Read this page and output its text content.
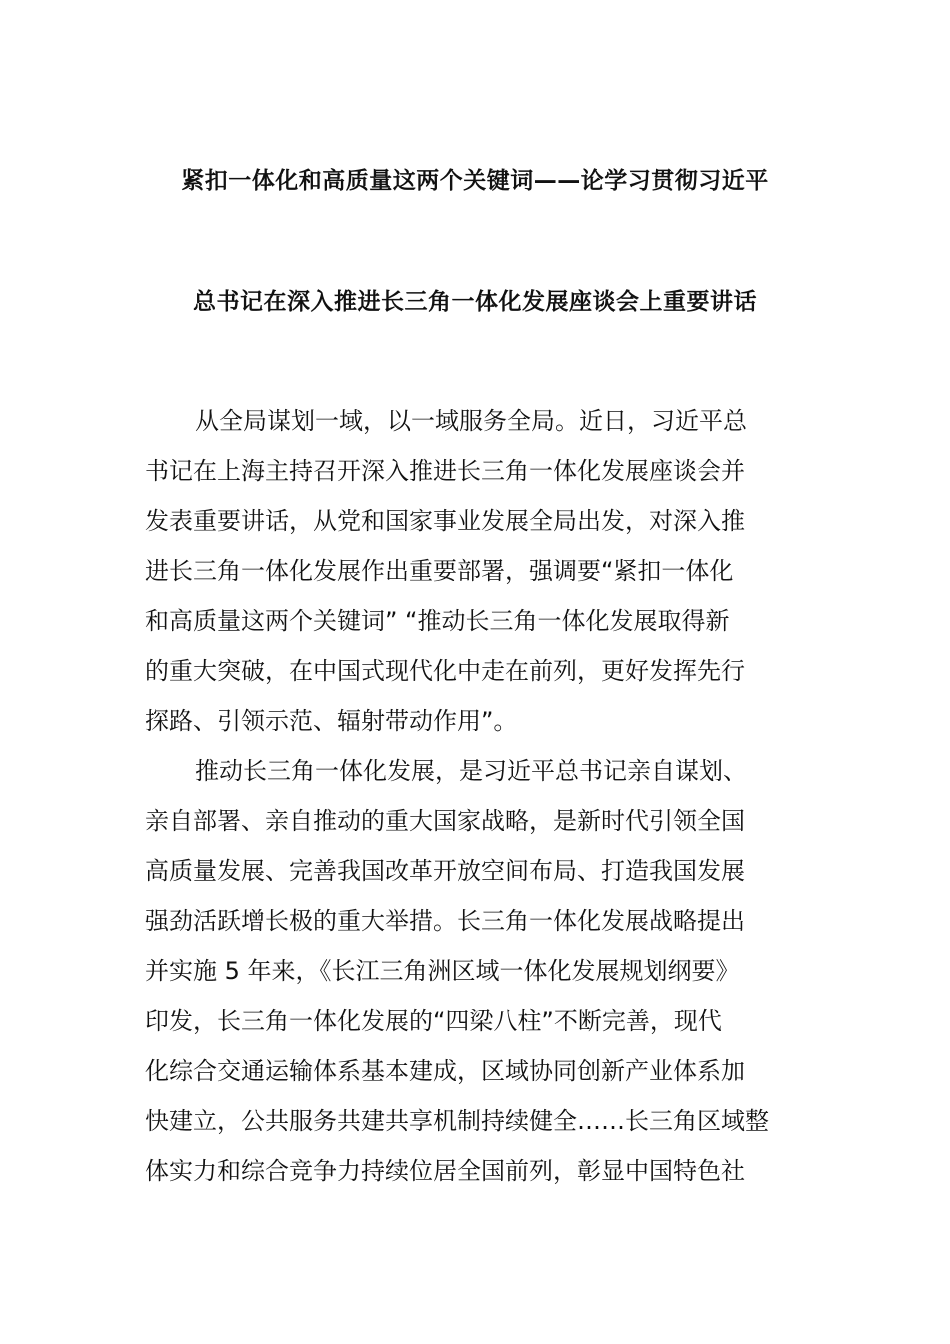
紧扣一体化和高质量这两个关键词——论学习贯彻习近平
总书记在深入推进长三角一体化发展座谈会上重要讲话
从全局谋划一域，以一域服务全局。近日，习近平总
书记在上海主持召开深入推进长三角一体化发展座谈会并
发表重要讲话，从党和国家事业发展全局出发，对深入推
进长三角一体化发展作出重要部署，强调要“紧扣一体化
和高质量这两个关键词” “推动长三角一体化发展取得新
的重大突破，在中国式现代化中走在前列，更好发挥先行
探路、引领示范、辐射带动作用”。
推动长三角一体化发展，是习近平总书记亲自谋划、
亲自部署、亲自推动的重大国家战略，是新时代引领全国
高质量发展、完善我国改革开放空间布局、打造我国发展
强劲活跃增长极的重大举措。长三角一体化发展战略提出
并实施 5 年来，《长江三角洲区域一体化发展规划纲要》
印发，长三角一体化发展的“四梁八柱”不断完善，现代
化综合交通运输体系基本建成，区域协同创新产业体系加
快建立，公共服务共建共享机制持续健全……长三角区域整
体实力和综合竞争力持续位居全国前列，彰显中国特色社
